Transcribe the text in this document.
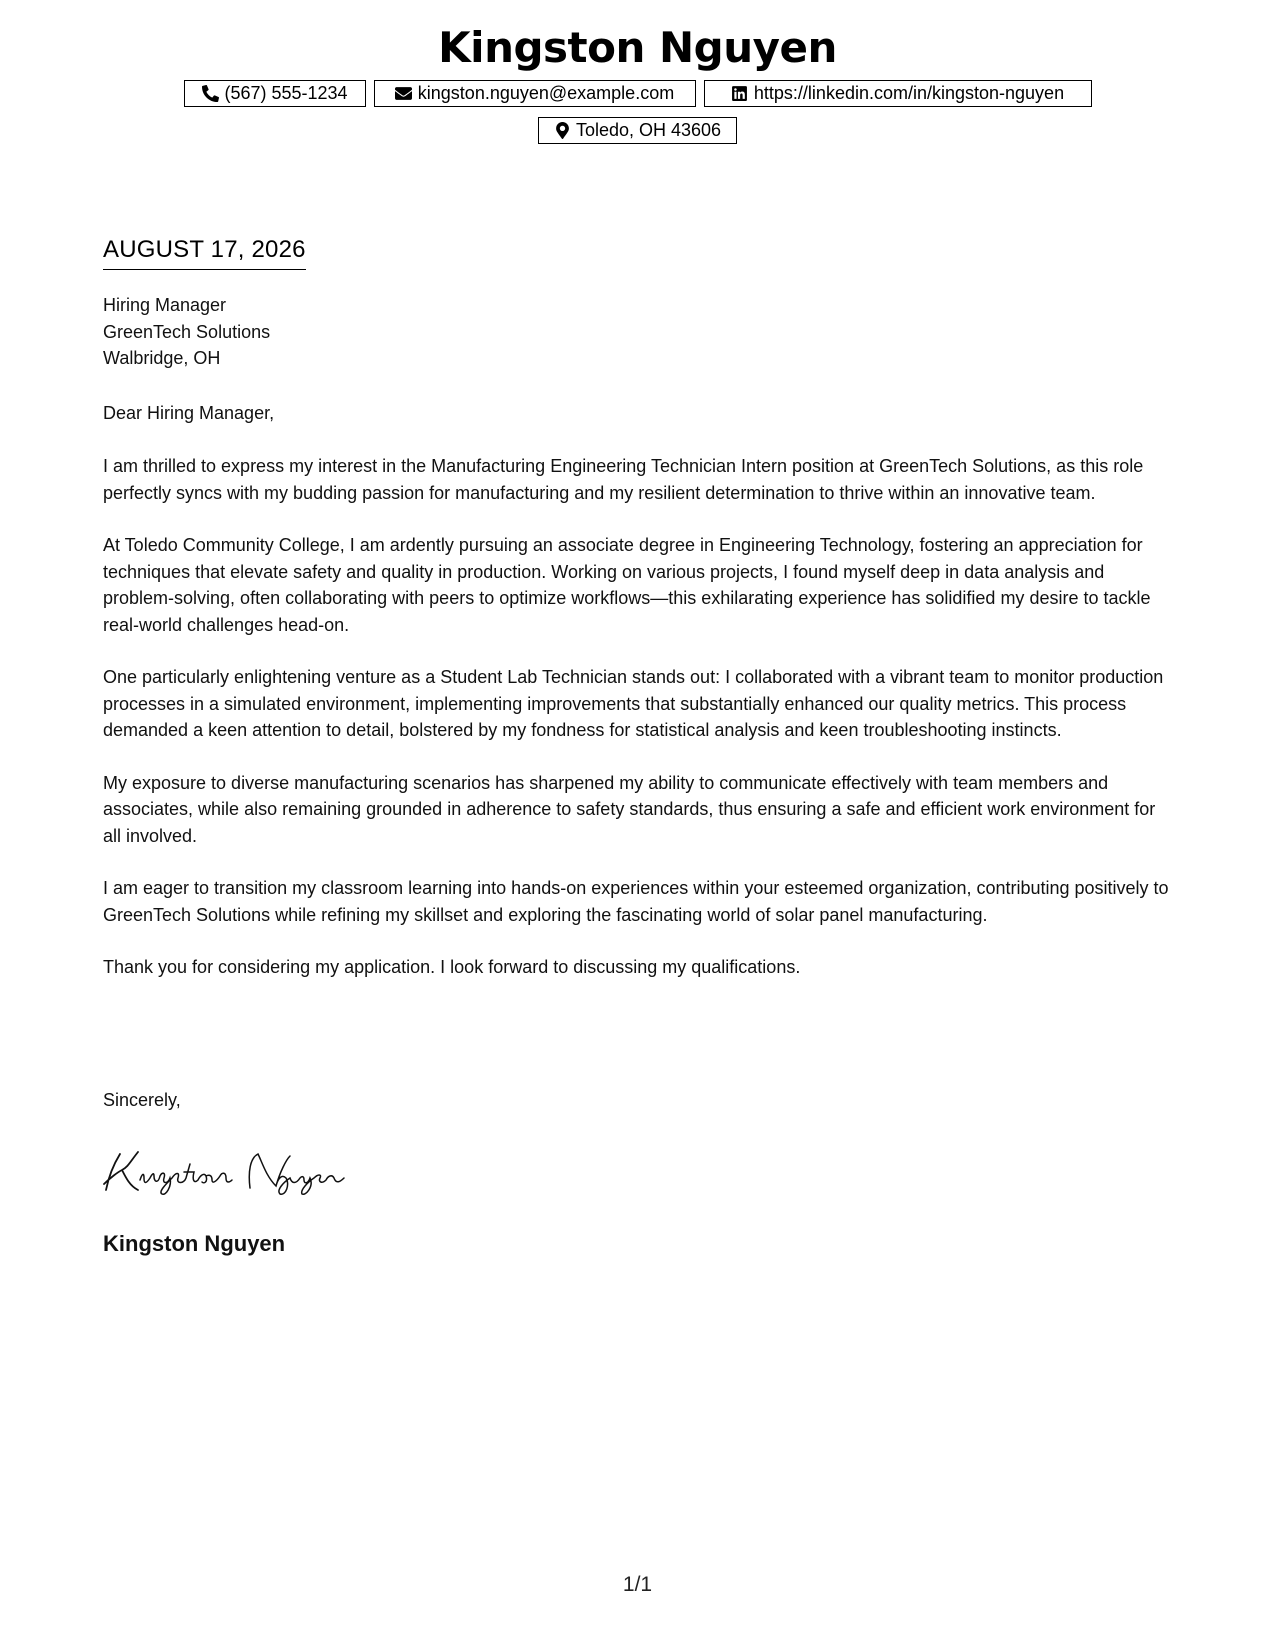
Kingston Nguyen
(567) 555-1234	kingston.nguyen@example.com	https://linkedin.com/in/kingston-nguyen
Toledo, OH 43606
AUGUST 17, 2026
Hiring Manager
GreenTech Solutions
Walbridge, OH

Dear Hiring Manager,

I am thrilled to express my interest in the Manufacturing Engineering Technician Intern position at GreenTech Solutions, as this role perfectly syncs with my budding passion for manufacturing and my resilient determination to thrive within an innovative team.

At Toledo Community College, I am ardently pursuing an associate degree in Engineering Technology, fostering an appreciation for techniques that elevate safety and quality in production. Working on various projects, I found myself deep in data analysis and problem-solving, often collaborating with peers to optimize workflows—this exhilarating experience has solidified my desire to tackle real-world challenges head-on.

One particularly enlightening venture as a Student Lab Technician stands out: I collaborated with a vibrant team to monitor production processes in a simulated environment, implementing improvements that substantially enhanced our quality metrics. This process demanded a keen attention to detail, bolstered by my fondness for statistical analysis and keen troubleshooting instincts.

My exposure to diverse manufacturing scenarios has sharpened my ability to communicate effectively with team members and associates, while also remaining grounded in adherence to safety standards, thus ensuring a safe and efficient work environment for all involved.

I am eager to transition my classroom learning into hands-on experiences within your esteemed organization, contributing positively to GreenTech Solutions while refining my skillset and exploring the fascinating world of solar panel manufacturing.

Thank you for considering my application. I look forward to discussing my qualifications.

Sincerely,
Kingston Nguyen
1/1
